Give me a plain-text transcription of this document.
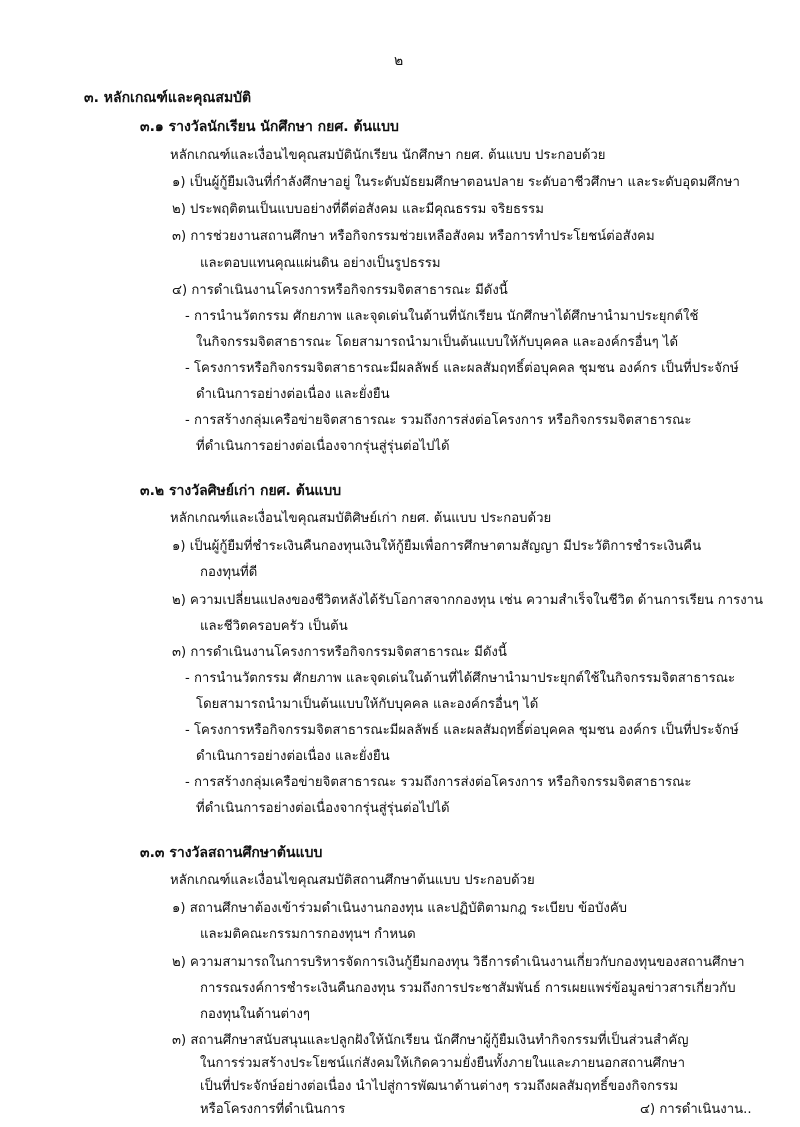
๒
๓. หลักเกณฑ์และคุณสมบัติ
๓.๑ รางวัลนักเรียน นักศึกษา กยศ. ต้นแบบ
หลักเกณฑ์และเงื่อนไขคุณสมบัตินักเรียน นักศึกษา กยศ. ต้นแบบ ประกอบด้วย
๑) เป็นผู้กู้ยืมเงินที่กำลังศึกษาอยู่ ในระดับมัธยมศึกษาตอนปลาย ระดับอาชีวศึกษา และระดับอุดมศึกษา
๒) ประพฤติตนเป็นแบบอย่างที่ดีต่อสังคม และมีคุณธรรม จริยธรรม
๓) การช่วยงานสถานศึกษา หรือกิจกรรมช่วยเหลือสังคม หรือการทำประโยชน์ต่อสังคม
และตอบแทนคุณแผ่นดิน อย่างเป็นรูปธรรม
๔) การดำเนินงานโครงการหรือกิจกรรมจิตสาธารณะ มีดังนี้
- การนำนวัตกรรม ศักยภาพ และจุดเด่นในด้านที่นักเรียน นักศึกษาได้ศึกษานำมาประยุกต์ใช้
ในกิจกรรมจิตสาธารณะ โดยสามารถนำมาเป็นต้นแบบให้กับบุคคล และองค์กรอื่นๆ ได้
- โครงการหรือกิจกรรมจิตสาธารณะมีผลลัพธ์ และผลสัมฤทธิ์ต่อบุคคล ชุมชน องค์กร เป็นที่ประจักษ์
ดำเนินการอย่างต่อเนื่อง และยั่งยืน
- การสร้างกลุ่มเครือข่ายจิตสาธารณะ รวมถึงการส่งต่อโครงการ หรือกิจกรรมจิตสาธารณะ
ที่ดำเนินการอย่างต่อเนื่องจากรุ่นสู่รุ่นต่อไปได้
๓.๒ รางวัลศิษย์เก่า กยศ. ต้นแบบ
หลักเกณฑ์และเงื่อนไขคุณสมบัติศิษย์เก่า กยศ. ต้นแบบ ประกอบด้วย
๑) เป็นผู้กู้ยืมที่ชำระเงินคืนกองทุนเงินให้กู้ยืมเพื่อการศึกษาตามสัญญา มีประวัติการชำระเงินคืน
กองทุนที่ดี
๒) ความเปลี่ยนแปลงของชีวิตหลังได้รับโอกาสจากกองทุน เช่น ความสำเร็จในชีวิต ด้านการเรียน การงาน
และชีวิตครอบครัว เป็นต้น
๓) การดำเนินงานโครงการหรือกิจกรรมจิตสาธารณะ มีดังนี้
- การนำนวัตกรรม ศักยภาพ และจุดเด่นในด้านที่ได้ศึกษานำมาประยุกต์ใช้ในกิจกรรมจิตสาธารณะ
โดยสามารถนำมาเป็นต้นแบบให้กับบุคคล และองค์กรอื่นๆ ได้
- โครงการหรือกิจกรรมจิตสาธารณะมีผลลัพธ์ และผลสัมฤทธิ์ต่อบุคคล ชุมชน องค์กร เป็นที่ประจักษ์
ดำเนินการอย่างต่อเนื่อง และยั่งยืน
- การสร้างกลุ่มเครือข่ายจิตสาธารณะ รวมถึงการส่งต่อโครงการ หรือกิจกรรมจิตสาธารณะ
ที่ดำเนินการอย่างต่อเนื่องจากรุ่นสู่รุ่นต่อไปได้
๓.๓ รางวัลสถานศึกษาต้นแบบ
หลักเกณฑ์และเงื่อนไขคุณสมบัติสถานศึกษาต้นแบบ ประกอบด้วย
๑) สถานศึกษาต้องเข้าร่วมดำเนินงานกองทุน และปฏิบัติตามกฎ ระเบียบ ข้อบังคับ
และมติคณะกรรมการกองทุนฯ กำหนด
๒) ความสามารถในการบริหารจัดการเงินกู้ยืมกองทุน วิธีการดำเนินงานเกี่ยวกับกองทุนของสถานศึกษา
การรณรงค์การชำระเงินคืนกองทุน รวมถึงการประชาสัมพันธ์ การเผยแพร่ข้อมูลข่าวสารเกี่ยวกับ
กองทุนในด้านต่างๆ
๓) สถานศึกษาสนับสนุนและปลูกฝังให้นักเรียน นักศึกษาผู้กู้ยืมเงินทำกิจกรรมที่เป็นส่วนสำคัญ
ในการร่วมสร้างประโยชน์แก่สังคมให้เกิดความยั่งยืนทั้งภายในและภายนอกสถานศึกษา
เป็นที่ประจักษ์อย่างต่อเนื่อง นำไปสู่การพัฒนาด้านต่างๆ รวมถึงผลสัมฤทธิ์ของกิจกรรม
หรือโครงการที่ดำเนินการ	๔) การดำเนินงาน..
